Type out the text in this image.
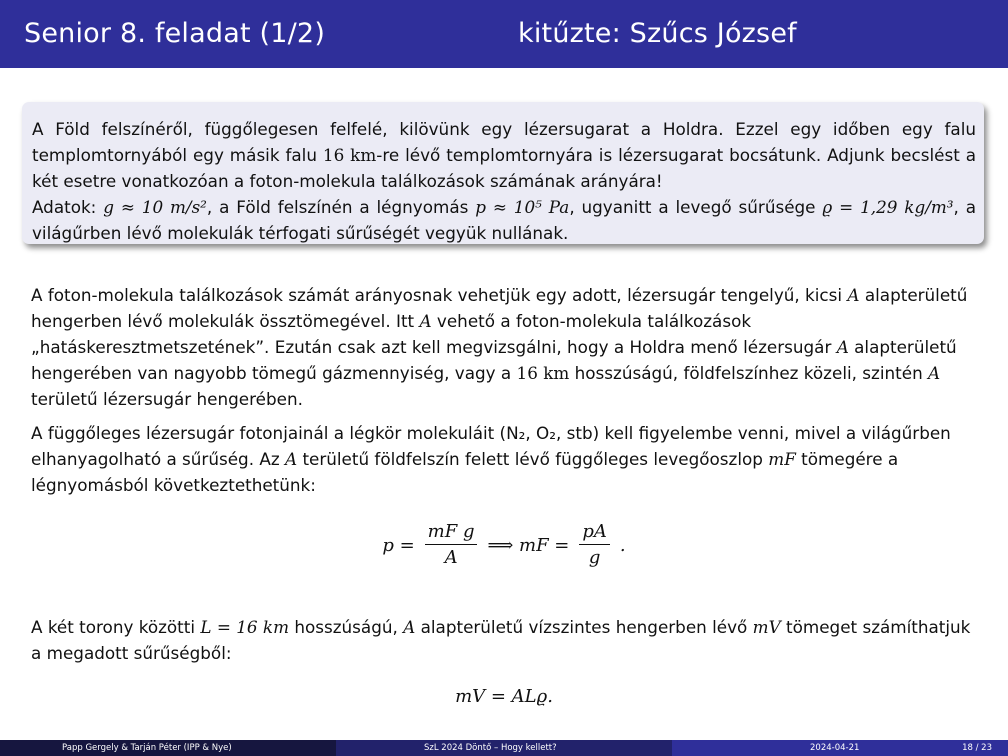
Senior 8. feladat (1/2)	kitűzte: Szűcs József
A Föld felszínéről, függőlegesen felfelé, kilövünk egy lézersugarat a Holdra. Ezzel egy időben egy falu templomtornyából egy másik falu 16 km-re lévő templomtornyára is lézersugarat bocsátunk. Adjunk becslést a két esetre vonatkozóan a foton-molekula találkozások számának arányára!
Adatok: g ≈ 10 m/s², a Föld felszínén a légnyomás p ≈ 10⁵ Pa, ugyanitt a levegő sűrűsége ϱ = 1,29 kg/m³, a világűrben lévő molekulák térfogati sűrűségét vegyük nullának.

A foton-molekula találkozások számát arányosnak vehetjük egy adott, lézersugár tengelyű, kicsi A alapterületű hengerben lévő molekulák össztömegével. Itt A vehető a foton-molekula találkozások „hatáskeresztmetszetének”. Ezután csak azt kell megvizsgálni, hogy a Holdra menő lézersugár A alapterületű hengerében van nagyobb tömegű gázmennyiség, vagy a 16 km hosszúságú, földfelszínhez közeli, szintén A területű lézersugár hengerében.

A függőleges lézersugár fotonjainál a légkör molekuláit (N₂, O₂, stb) kell figyelembe venni, mivel a világűrben elhanyagolható a sűrűség. Az A területű földfelszín felett lévő függőleges levegőoszlop mF tömegére a légnyomásból következtethetünk:

$p = \frac{\text{mF g}}{A}$ ⟹ mF = $\frac{pA}{g}$ .

A két torony közötti L = 16 km hosszúságú, A alapterületű vízszintes hengerben lévő mV tömeget számíthatjuk a megadott sűrűségből:

mV = ALϱ.
Papp Gergely & Tarján Péter (IPP & Nye)	SzL 2024 Döntő – Hogy kellett?	2024-04-21	18 / 23
